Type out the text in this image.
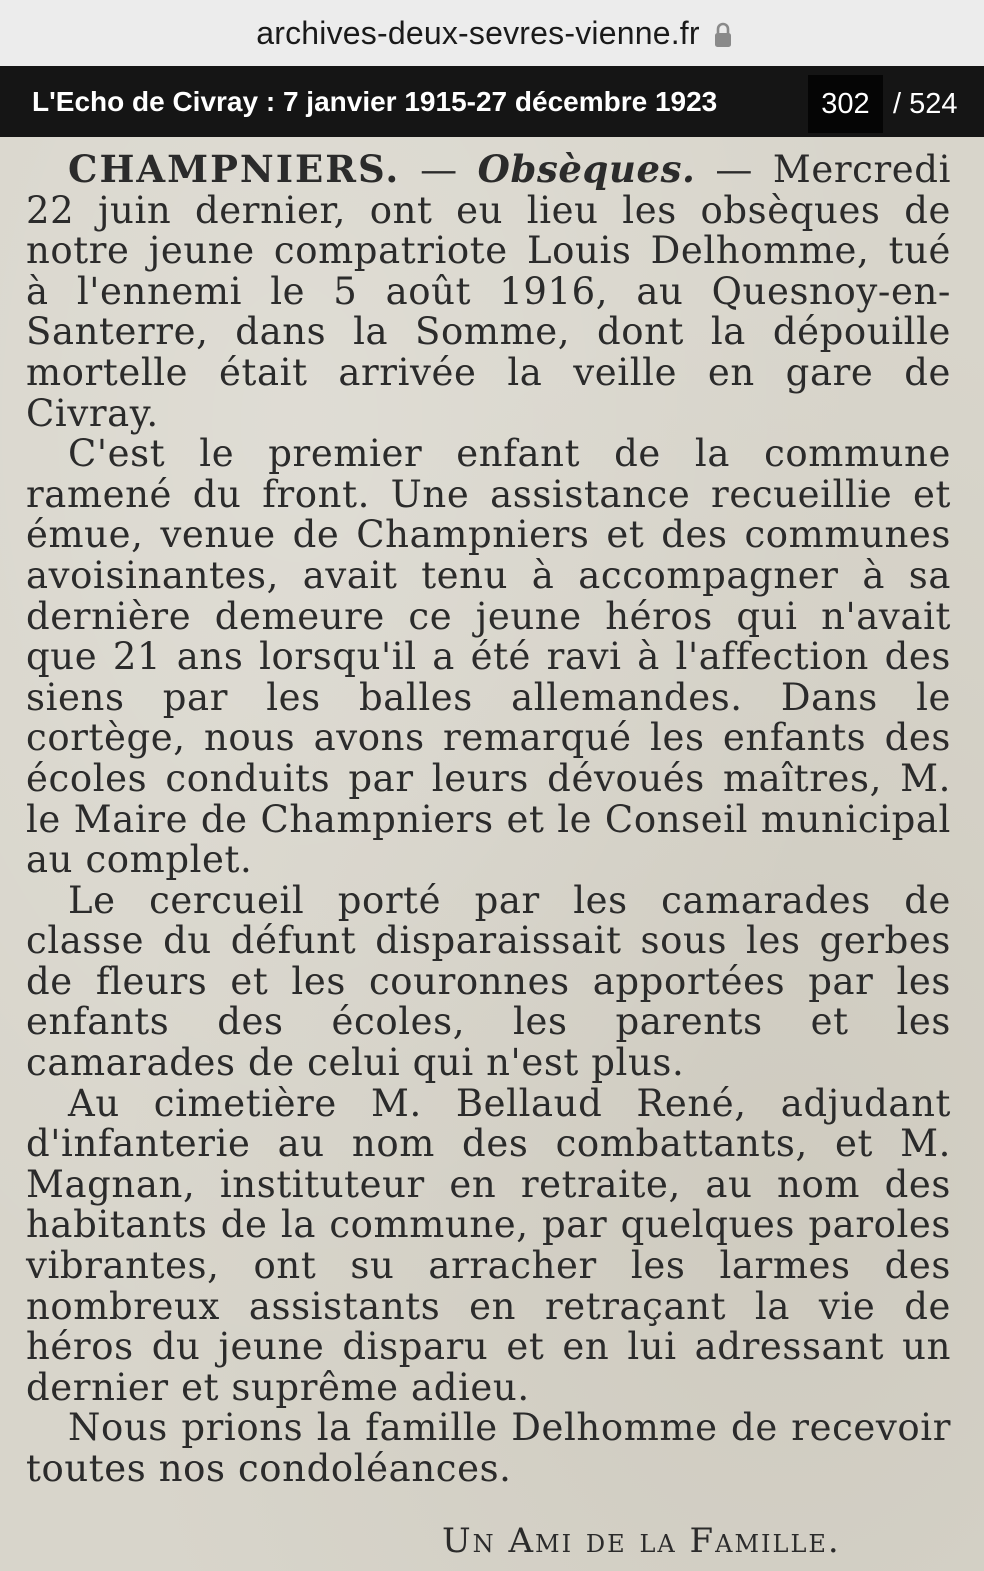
archives-deux-sevres-vienne.fr
L'Echo de Civray : 7 janvier 1915-27 décembre 1923	302 / 524

CHAMPNIERS. — Obsèques. — Mercredi 22 juin dernier, ont eu lieu les obsèques de notre jeune compatriote Louis Delhomme, tué à l'ennemi le 5 août 1916, au Quesnoy-en-Santerre, dans la Somme, dont la dépouille mortelle était arrivée la veille en gare de Civray.

C'est le premier enfant de la commune ramené du front. Une assistance recueillie et émue, venue de Champniers et des communes avoisinantes, avait tenu à accompagner à sa dernière demeure ce jeune héros qui n'avait que 21 ans lorsqu'il a été ravi à l'affection des siens par les balles allemandes. Dans le cortège, nous avons remarqué les enfants des écoles conduits par leurs dévoués maîtres, M. le Maire de Champniers et le Conseil municipal au complet.

Le cercueil porté par les camarades de classe du défunt disparaissait sous les gerbes de fleurs et les couronnes apportées par les enfants des écoles, les parents et les camarades de celui qui n'est plus.

Au cimetière M. Bellaud René, adjudant d'infanterie au nom des combattants, et M. Magnan, instituteur en retraite, au nom des habitants de la commune, par quelques paroles vibrantes, ont su arracher les larmes des nombreux assistants en retraçant la vie de héros du jeune disparu et en lui adressant un dernier et suprême adieu.

Nous prions la famille Delhomme de recevoir toutes nos condoléances.

Un Ami de la Famille.
